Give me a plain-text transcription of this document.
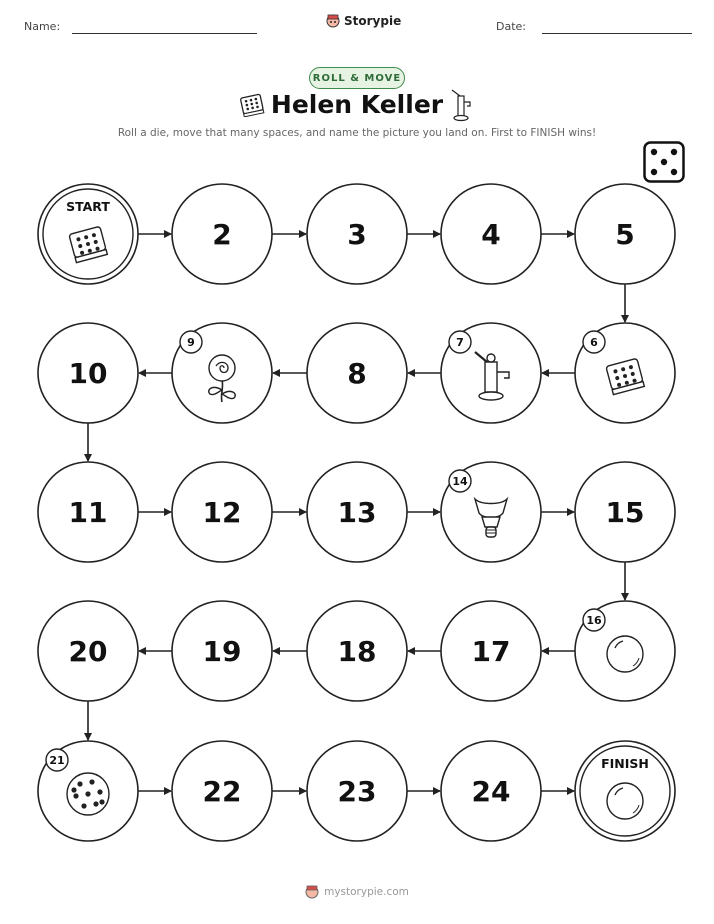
Name:	Date:
Storypie
ROLL & MOVE
Helen Keller
Roll a die, move that many spaces, and name the picture you land on. First to FINISH wins!
START
2	3	4	5
6
7
8
9
10
11	12	13
14
15
16
17
18
19
20
21
22	23	24
FINISH
mystorypie.com
